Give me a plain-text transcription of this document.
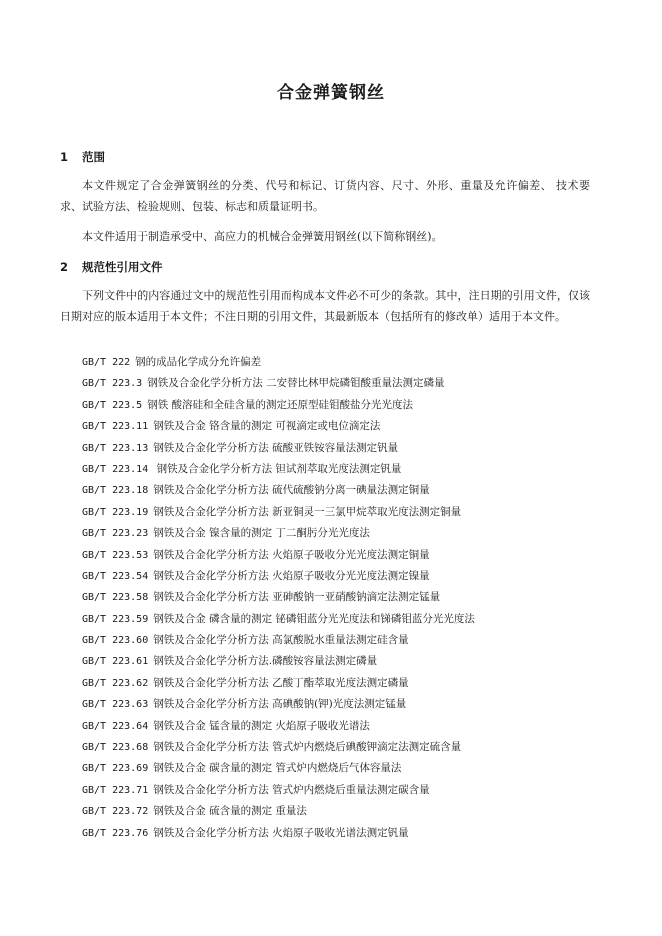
合金弹簧钢丝
1 范围
本文件规定了合金弹簧钢丝的分类、代号和标记、订货内容、尺寸、外形、重量及允许偏差、 技术要求、试验方法、检验规则、包装、标志和质量证明书。
本文件适用于制造承受中、高应力的机械合金弹簧用钢丝(以下简称钢丝)。
2 规范性引用文件
下列文件中的内容通过文中的规范性引用而构成本文件必不可少的条款。其中，注日期的引用文件，仅该日期对应的版本适用于本文件；不注日期的引用文件，其最新版本（包括所有的修改单）适用于本文件。
GB/T 222 钢的成品化学成分允许偏差
GB/T 223.3 钢铁及合金化学分析方法 二安替比林甲烷磷钼酸重量法测定磷量
GB/T 223.5 钢铁 酸溶硅和全硅含量的测定还原型硅钼酸盐分光光度法
GB/T 223.11 钢铁及合金 铬含量的测定 可视滴定或电位滴定法
GB/T 223.13 钢铁及合金化学分析方法 硫酸亚铁铵容量法测定钒量
GB/T 223.14 钢铁及合金化学分析方法 钽试剂萃取光度法测定钒量
GB/T 223.18 钢铁及合金化学分析方法 硫代硫酸钠分离一碘量法测定铜量
GB/T 223.19 钢铁及合金化学分析方法 新亚铜灵一三氯甲烷萃取光度法测定铜量
GB/T 223.23 钢铁及合金 镍含量的测定 丁二酮肟分光光度法
GB/T 223.53 钢铁及合金化学分析方法 火焰原子吸收分光光度法测定铜量
GB/T 223.54 钢铁及合金化学分析方法 火焰原子吸收分光光度法测定镍量
GB/T 223.58 钢铁及合金化学分析方法 亚砷酸钠一亚硝酸钠滴定法测定锰量
GB/T 223.59 钢铁及合金 磷含量的测定 铋磷钼蓝分光光度法和锑磷钼蓝分光光度法
GB/T 223.60 钢铁及合金化学分析方法 高氯酸脱水重量法测定硅含量
GB/T 223.61 钢铁及合金化学分析方法.磷酸铵容量法测定磷量
GB/T 223.62 钢铁及合金化学分析方法 乙酸丁酯萃取光度法测定磷量
GB/T 223.63 钢铁及合金化学分析方法 高碘酸钠(钾)光度法测定锰量
GB/T 223.64 钢铁及合金 锰含量的测定 火焰原子吸收光谱法
GB/T 223.68 钢铁及合金化学分析方法 管式炉内燃烧后碘酸钾滴定法测定硫含量
GB/T 223.69 钢铁及合金 碳含量的测定 管式炉内燃烧后气体容量法
GB/T 223.71 钢铁及合金化学分析方法 管式炉内燃烧后重量法测定碳含量
GB/T 223.72 钢铁及合金 硫含量的测定 重量法
GB/T 223.76 钢铁及合金化学分析方法 火焰原子吸收光谱法测定钒量
